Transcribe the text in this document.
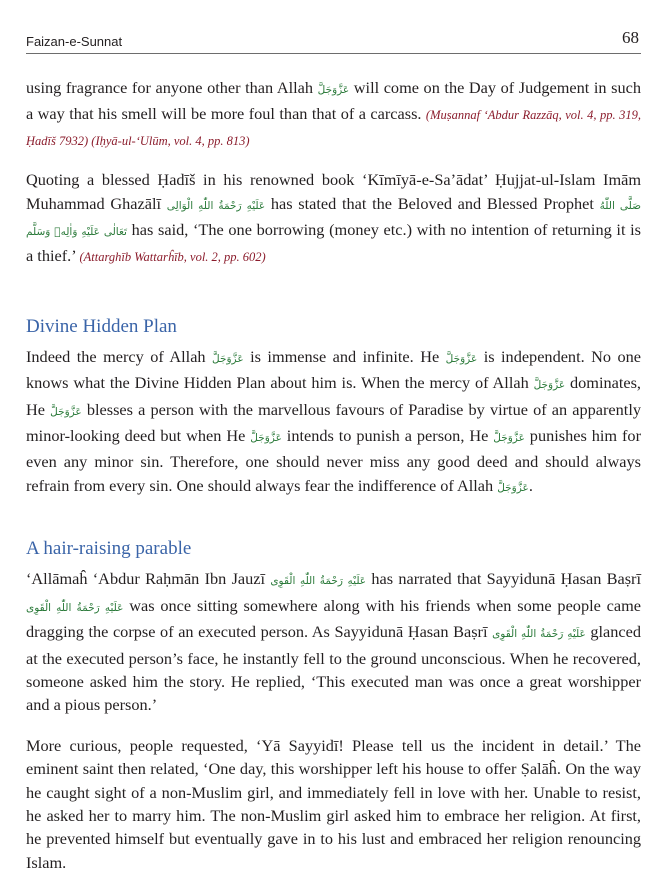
Faizan-e-Sunnat	68

using fragrance for anyone other than Allah عَزَّوَجَلَّ will come on the Day of Judgement in such a way that his smell will be more foul than that of a carcass. (Muṣannaf ‘Abdur Razzāq, vol. 4, pp. 319, Ḥadīš 7932) (Iḥyā-ul-‘Ulūm, vol. 4, pp. 813)

Quoting a blessed Ḥadīš in his renowned book ‘Kīmīyā-e-Sa’ādat’ Ḥujjat-ul-Islam Imām Muhammad Ghazālī عَلَيْهِ رَحْمَةُ اللّٰهِ الْوَالِى has stated that the Beloved and Blessed Prophet صَلَّى اللّٰهُ تَعَالٰى عَلَيْهِ وَاٰلِهٖ وَسَلَّم has said, ‘The one borrowing (money etc.) with no intention of returning it is a thief.’ (Attarghīb Wattarĥīb, vol. 2, pp. 602)

Divine Hidden Plan

Indeed the mercy of Allah عَزَّوَجَلَّ is immense and infinite. He عَزَّوَجَلَّ is independent. No one knows what the Divine Hidden Plan about him is. When the mercy of Allah عَزَّوَجَلَّ dominates, He عَزَّوَجَلَّ blesses a person with the marvellous favours of Paradise by virtue of an apparently minor-looking deed but when He عَزَّوَجَلَّ intends to punish a person, He عَزَّوَجَلَّ punishes him for even any minor sin. Therefore, one should never miss any good deed and should always refrain from every sin. One should always fear the indifference of Allah عَزَّوَجَلَّ.

A hair-raising parable

‘Allāmaĥ ‘Abdur Raḥmān Ibn Jauzī عَلَيْهِ رَحْمَةُ اللّٰهِ الْقَوِى has narrated that Sayyidunā Ḥasan Baṣrī عَلَيْهِ رَحْمَةُ اللّٰهِ الْقَوِى was once sitting somewhere along with his friends when some people came dragging the corpse of an executed person. As Sayyidunā Ḥasan Baṣrī عَلَيْهِ رَحْمَةُ اللّٰهِ الْقَوِى glanced at the executed person’s face, he instantly fell to the ground unconscious. When he recovered, someone asked him the story. He replied, ‘This executed man was once a great worshipper and a pious person.’

More curious, people requested, ‘Yā Sayyidī! Please tell us the incident in detail.’ The eminent saint then related, ‘One day, this worshipper left his house to offer Ṣalāĥ. On the way he caught sight of a non-Muslim girl, and immediately fell in love with her. Unable to resist, he asked her to marry him. The non-Muslim girl asked him to embrace her religion. At first, he prevented himself but eventually gave in to his lust and embraced her religion renouncing Islam.
